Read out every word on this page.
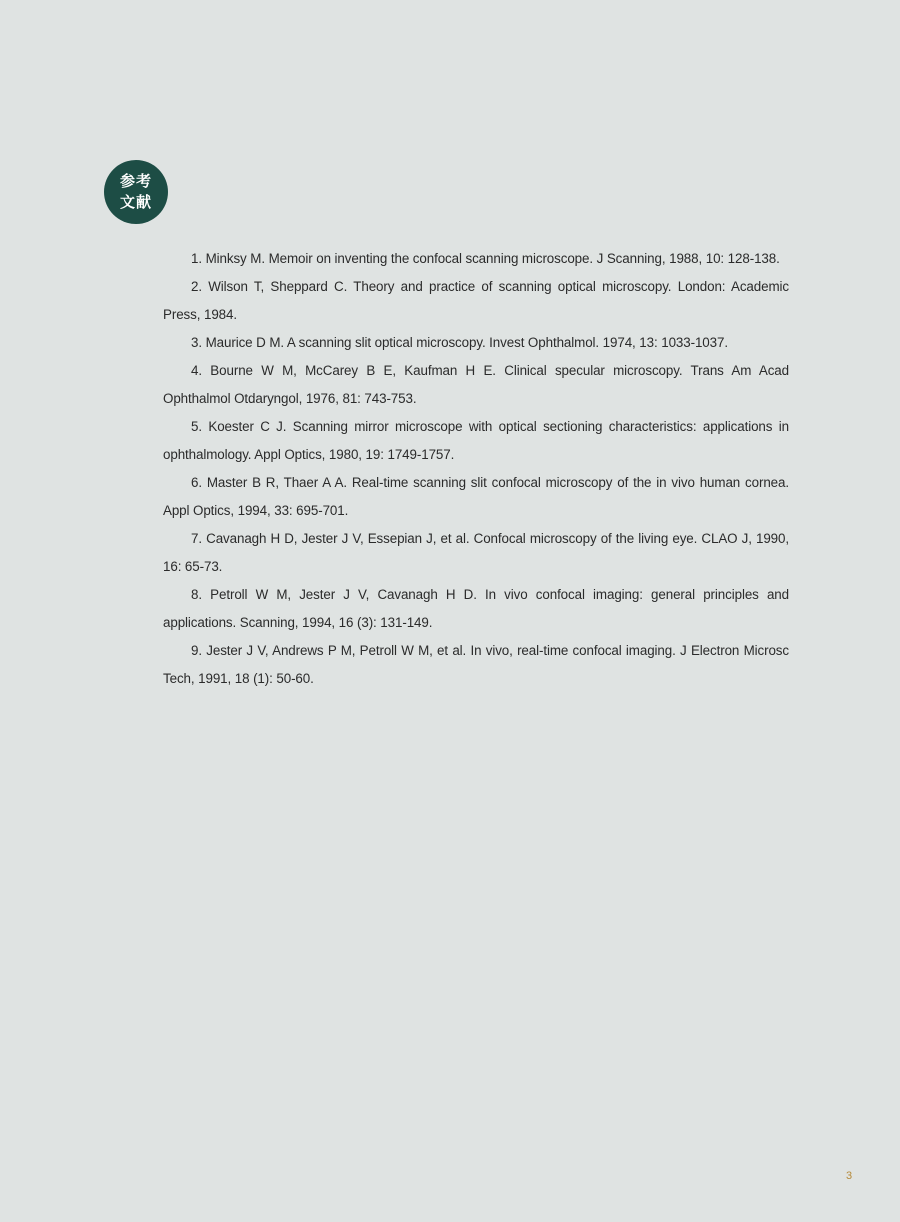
参考
文献
1. Minksy M. Memoir on inventing the confocal scanning microscope. J Scanning, 1988, 10: 128-138.
2. Wilson T, Sheppard C. Theory and practice of scanning optical microscopy. London: Academic Press, 1984.
3. Maurice D M. A scanning slit optical microscopy. Invest Ophthalmol. 1974, 13: 1033-1037.
4. Bourne W M, McCarey B E, Kaufman H E. Clinical specular microscopy. Trans Am Acad Ophthalmol Otdaryngol, 1976, 81: 743-753.
5. Koester C J. Scanning mirror microscope with optical sectioning characteristics: applications in ophthalmology. Appl Optics, 1980, 19: 1749-1757.
6. Master B R, Thaer A A. Real-time scanning slit confocal microscopy of the in vivo human cornea. Appl Optics, 1994, 33: 695-701.
7. Cavanagh H D, Jester J V, Essepian J, et al. Confocal microscopy of the living eye. CLAO J, 1990, 16: 65-73.
8. Petroll W M, Jester J V, Cavanagh H D. In vivo confocal imaging: general principles and applications. Scanning, 1994, 16 (3): 131-149.
9. Jester J V, Andrews P M, Petroll W M, et al. In vivo, real-time confocal imaging. J Electron Microsc Tech, 1991, 18 (1): 50-60.
3
